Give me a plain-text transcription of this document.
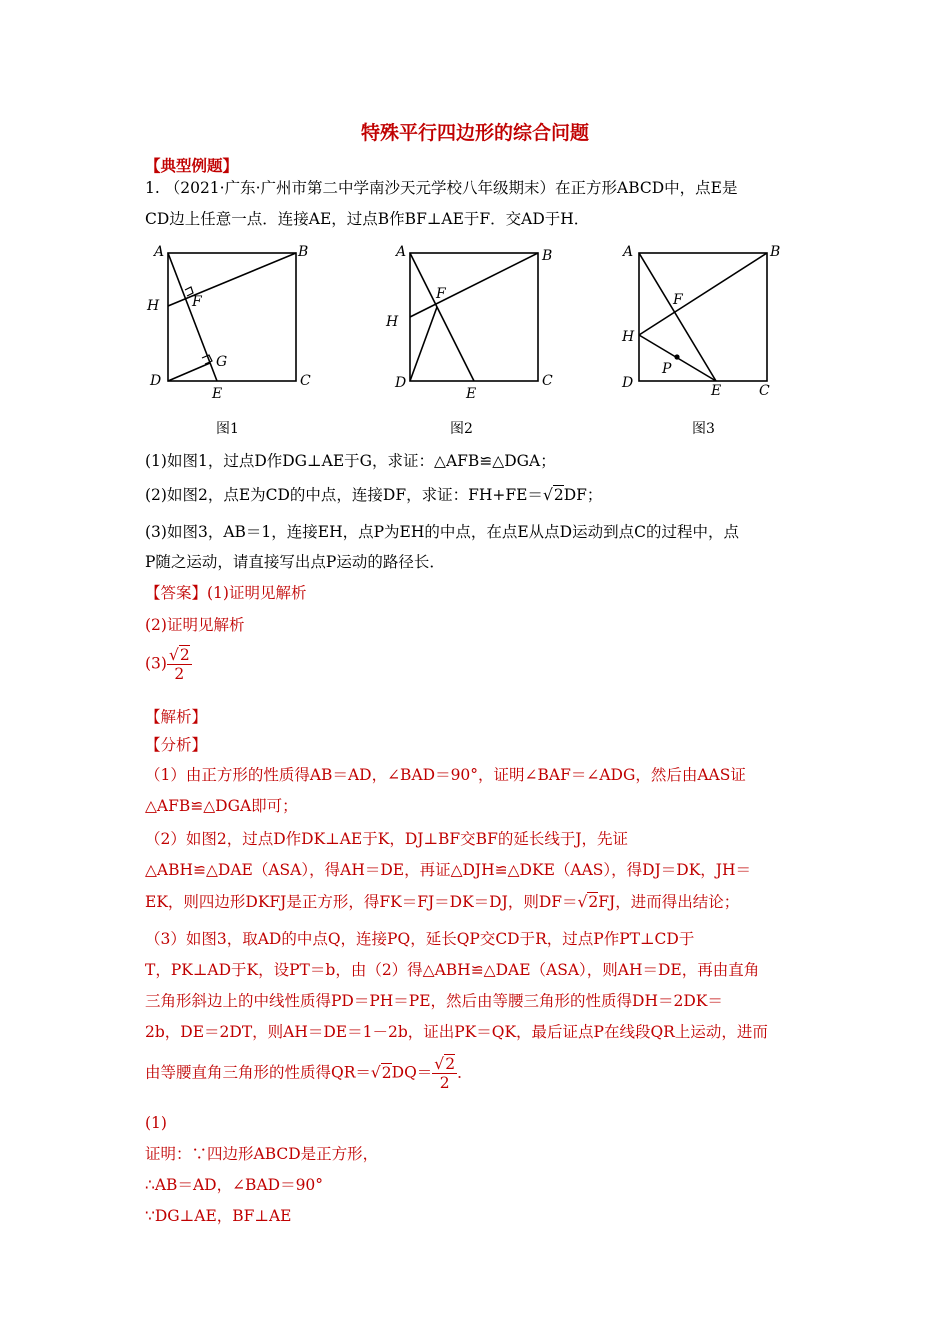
特殊平行四边形的综合问题
【典型例题】
1. （2021·广东·广州市第二中学南沙天元学校八年级期末）在正方形ABCD中，点E是
CD边上任意一点．连接AE，过点B作BF⊥AE于F．交AD于H．
A	B
H F
G
D
E
C
图1
A	B
F
H
D
E
C
图2
A	B
F
H
P
D	E	C
图3
(1)如图1，过点D作DG⊥AE于G，求证：△AFB≌△DGA；
(2)如图2，点E为CD的中点，连接DF，求证：FH+FE＝√2DF；
(3)如图3，AB＝1，连接EH，点P为EH的中点，在点E从点D运动到点C的过程中，点
P随之运动，请直接写出点P运动的路径长．
【答案】(1)证明见解析
(2)证明见解析
$(3) \frac{√2}{2}$
【解析】
【分析】
（1）由正方形的性质得AB＝AD，∠BAD＝90°，证明∠BAF＝∠ADG，然后由AAS证
△AFB≌△DGA即可；
（2）如图2，过点D作DK⊥AE于K，DJ⊥BF交BF的延长线于J，先证
△ABH≌△DAE（ASA），得AH＝DE，再证△DJH≌△DKE（AAS），得DJ＝DK，JH＝
EK，则四边形DKFJ是正方形，得FK＝FJ＝DK＝DJ，则DF＝√2FJ，进而得出结论；
（3）如图3，取AD的中点Q，连接PQ，延长QP交CD于R，过点P作PT⊥CD于
T，PK⊥AD于K，设PT＝b，由（2）得△ABH≌△DAE（ASA），则AH＝DE，再由直角
三角形斜边上的中线性质得PD＝PH＝PE，然后由等腰三角形的性质得DH＝2DK＝
2b，DE＝2DT，则AH＝DE＝1－2b，证出PK＝QK，最后证点P在线段QR上运动，进而
由等腰直角三角形的性质得$QR=√2DQ= \frac{√2}{2}$ ．
(1)
证明：∵四边形ABCD是正方形，
∴AB＝AD，∠BAD＝90°
∵DG⊥AE，BF⊥AE
